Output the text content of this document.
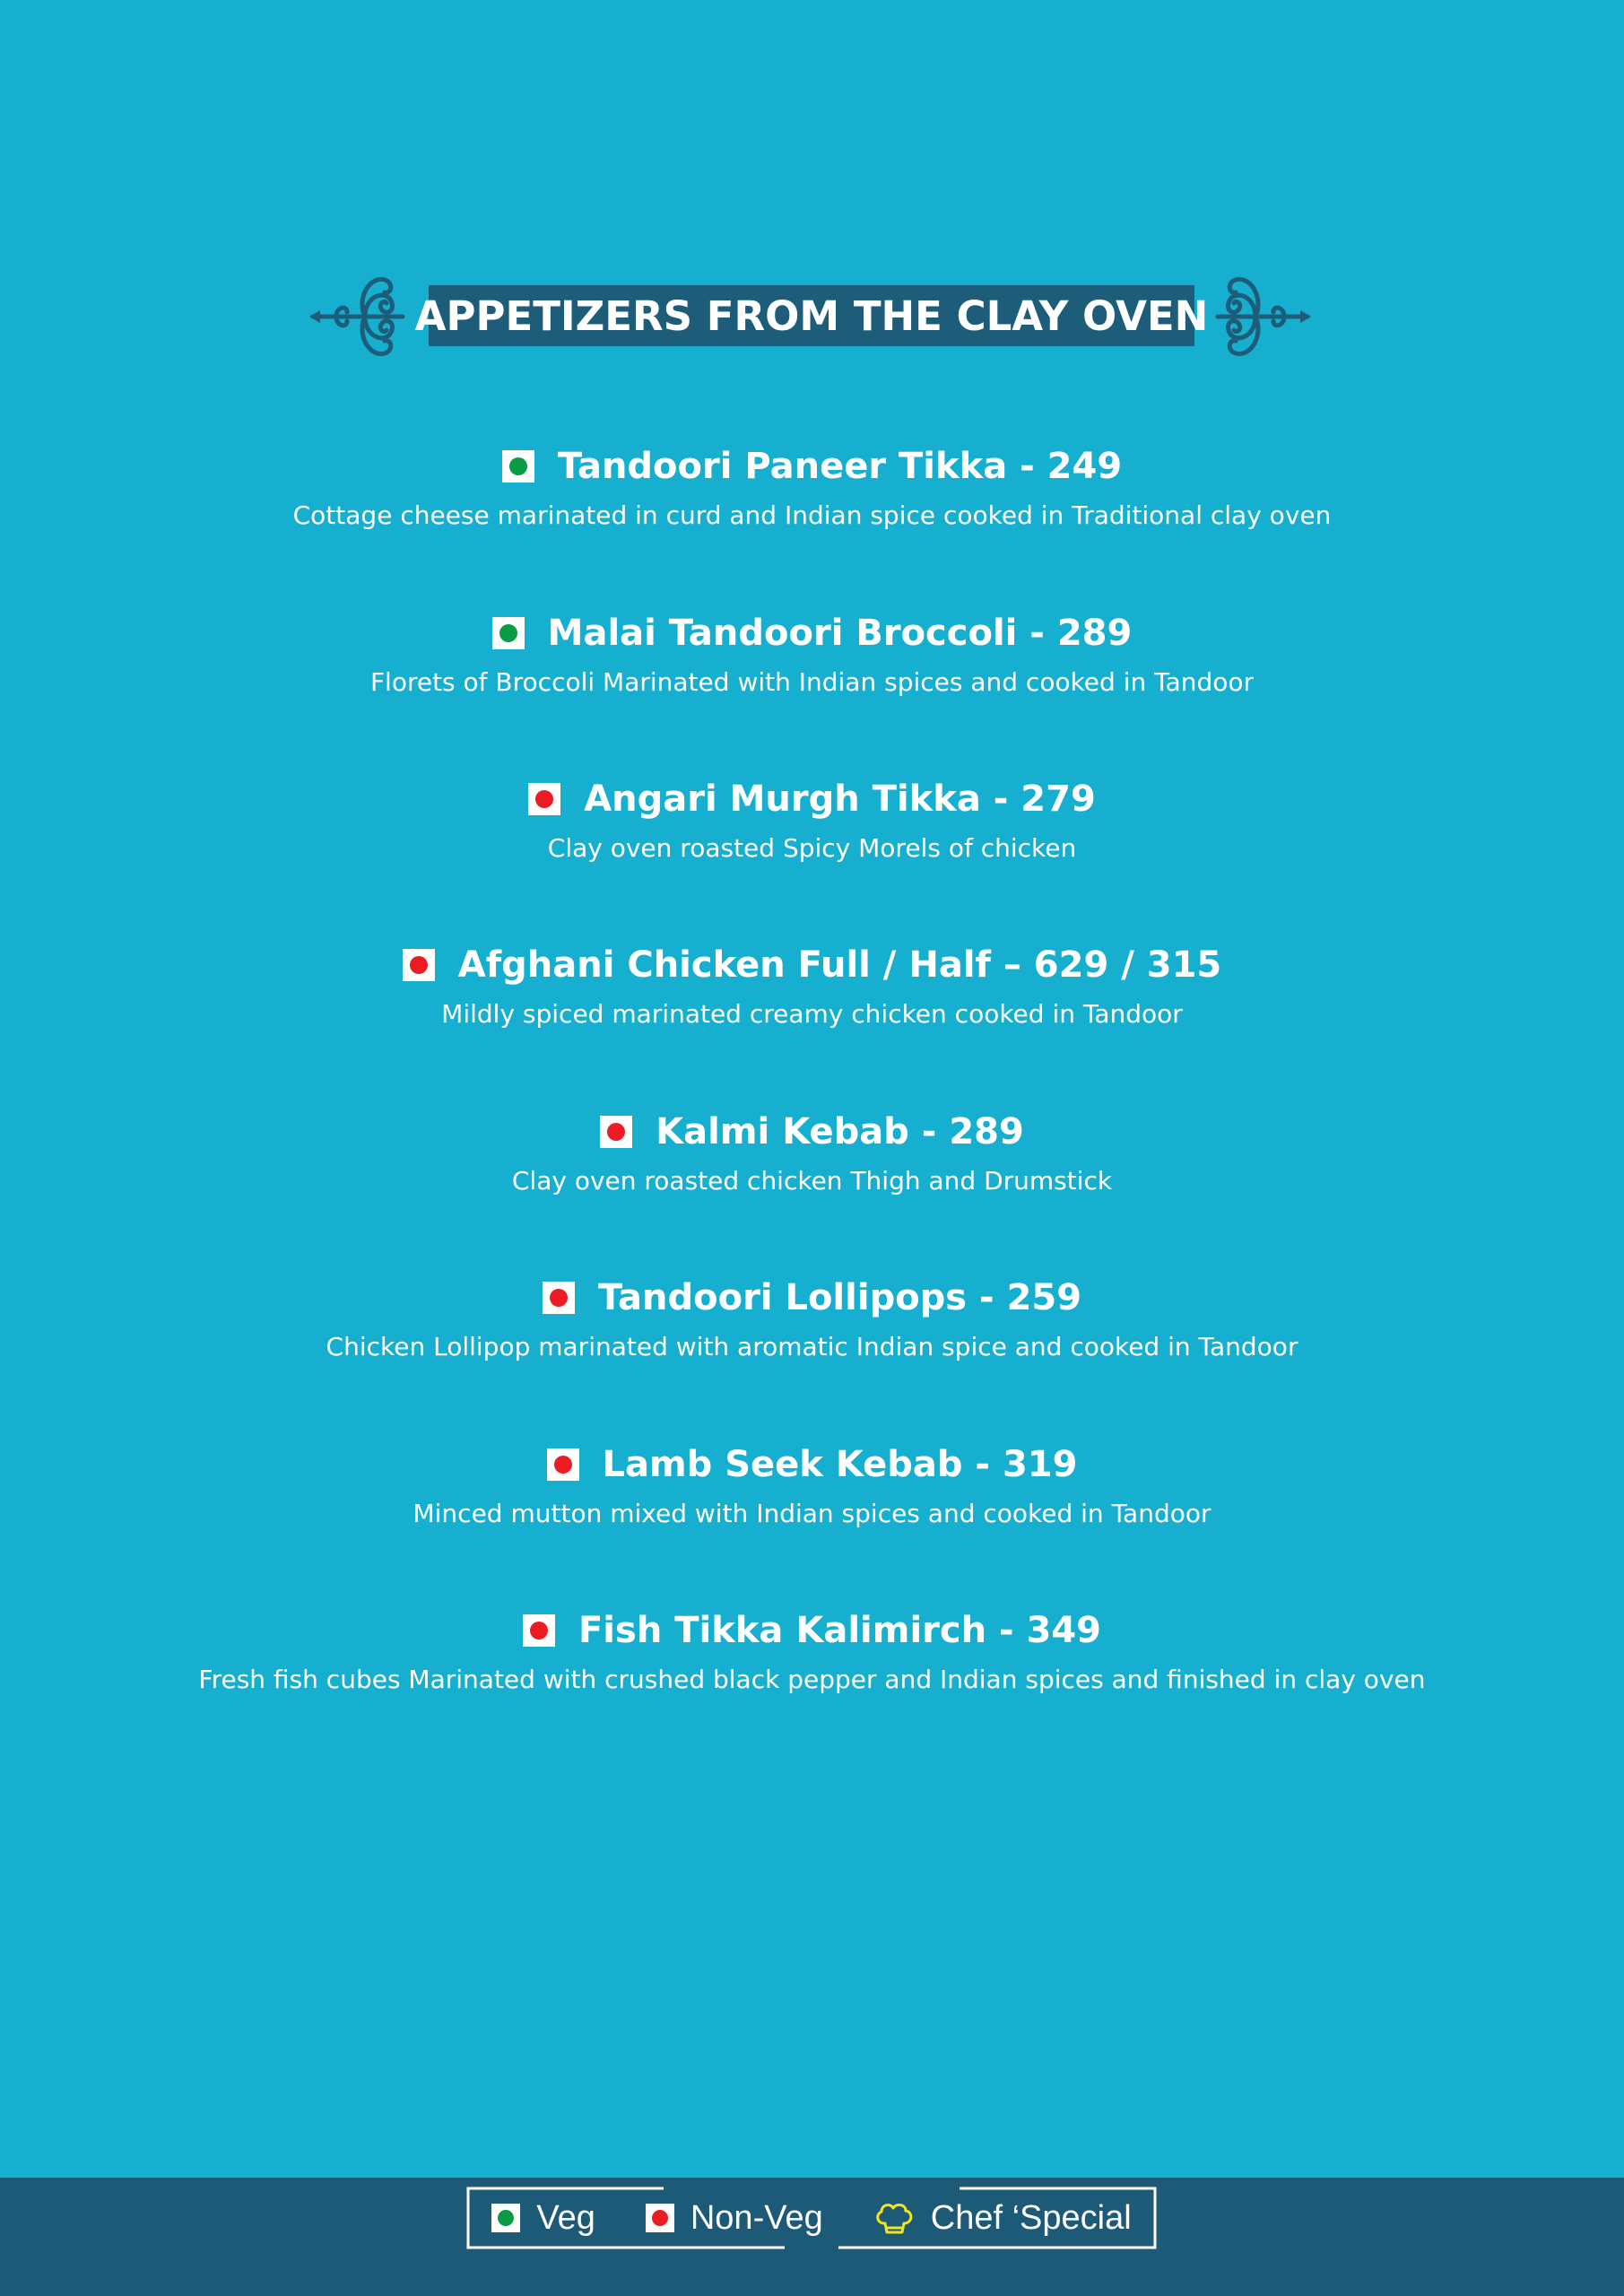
APPETIZERS FROM THE CLAY OVEN
Tandoori Paneer Tikka - 249
Cottage cheese marinated in curd and Indian spice cooked in Traditional clay oven
Malai Tandoori Broccoli - 289
Florets of Broccoli Marinated with Indian spices and cooked in Tandoor
Angari Murgh Tikka - 279
Clay oven roasted Spicy Morels of chicken
Afghani Chicken Full / Half – 629 / 315
Mildly spiced marinated creamy chicken cooked in Tandoor
Kalmi Kebab - 289
Clay oven roasted chicken Thigh and Drumstick
Tandoori Lollipops - 259
Chicken Lollipop marinated with aromatic Indian spice and cooked in Tandoor
Lamb Seek Kebab - 319
Minced mutton mixed with Indian spices and cooked in Tandoor
Fish Tikka Kalimirch - 349
Fresh fish cubes Marinated with crushed black pepper and Indian spices and finished in clay oven
Veg	Non-Veg	Chef ‘Special
